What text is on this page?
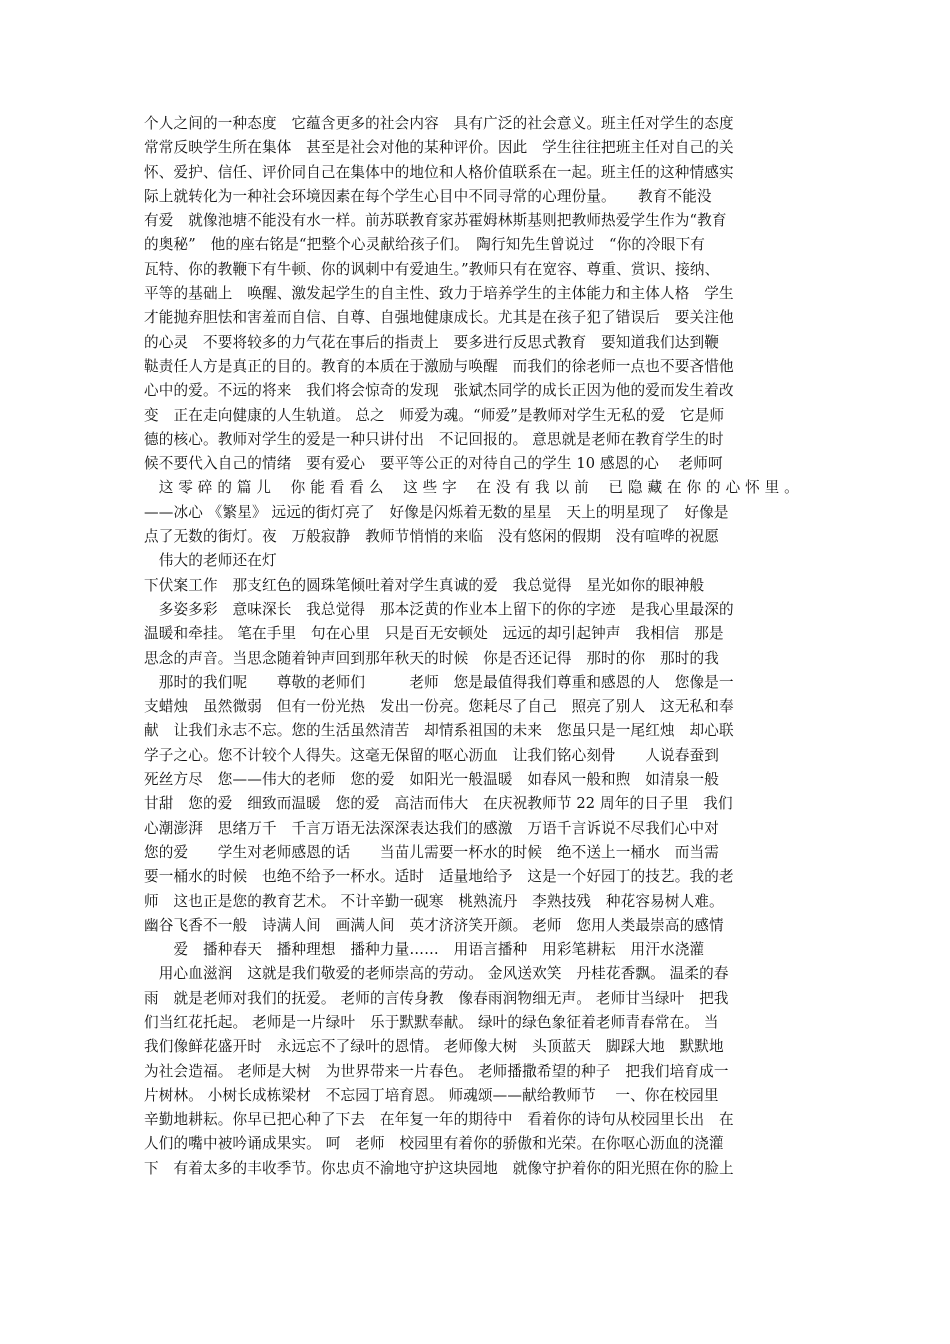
个人之间的一种态度　它蕴含更多的社会内容　具有广泛的社会意义。班主任对学生的态度
常常反映学生所在集体　甚至是社会对他的某种评价。因此　学生往往把班主任对自己的关
怀、爱护、信任、评价同自己在集体中的地位和人格价值联系在一起。班主任的这种情感实
际上就转化为一种社会环境因素在每个学生心目中不同寻常的心理份量。　　教育不能没
有爱　就像池塘不能没有水一样。前苏联教育家苏霍姆林斯基则把教师热爱学生作为“教育
的奥秘”　他的座右铭是“把整个心灵献给孩子们。　陶行知先生曾说过　“你的冷眼下有
瓦特、你的教鞭下有牛顿、你的讽刺中有爱迪生。”教师只有在宽容、尊重、赏识、接纳、
平等的基础上　唤醒、激发起学生的自主性、致力于培养学生的主体能力和主体人格　学生
才能抛弃胆怯和害羞而自信、自尊、自强地健康成长。尤其是在孩子犯了错误后　要关注他
的心灵　不要将较多的力气花在事后的指责上　要多进行反思式教育　要知道我们达到鞭
鞑责任人方是真正的目的。教育的本质在于激励与唤醒　而我们的徐老师一点也不要吝惜他
心中的爱。不远的将来　我们将会惊奇的发现　张斌杰同学的成长正因为他的爱而发生着改
变　正在走向健康的人生轨道。 总之　师爱为魂。“师爱”是教师对学生无私的爱　它是师
德的核心。教师对学生的爱是一种只讲付出　不记回报的。 意思就是老师在教育学生的时
候不要代入自己的情绪　要有爱心　要平等公正的对待自己的学生 10 感恩的心　 老师呵
　这 零 碎 的 篇 儿 　你 能 看 看 么 　这 些 字 　在 没 有 我 以 前 　已 隐 藏 在 你 的 心 怀 里 。
——冰心 《繁星》 远远的街灯亮了　好像是闪烁着无数的星星　天上的明星现了　好像是
点了无数的街灯。夜　万般寂静　教师节悄悄的来临　没有悠闲的假期　没有喧哗的祝愿
　伟大的老师还在灯
下伏案工作　那支红色的圆珠笔倾吐着对学生真诚的爱　我总觉得　星光如你的眼神般
　多姿多彩　意味深长　我总觉得　那本泛黄的作业本上留下的你的字迹　是我心里最深的
温暖和牵挂。 笔在手里　句在心里　只是百无安顿处　远远的却引起钟声　我相信　那是
思念的声音。当思念随着钟声回到那年秋天的时候　你是否还记得　那时的你　那时的我
　那时的我们呢　　尊敬的老师们　　　老师　您是最值得我们尊重和感恩的人　您像是一
支蜡烛　虽然微弱　但有一份光热　发出一份亮。您耗尽了自己　照亮了别人　这无私和奉
献　让我们永志不忘。您的生活虽然清苦　却情系祖国的未来　您虽只是一尾红烛　却心联
学子之心。您不计较个人得失。这毫无保留的呕心沥血　让我们铭心刻骨　　人说春蚕到
死丝方尽　您——伟大的老师　您的爱　如阳光一般温暖　如春风一般和煦　如清泉一般
甘甜　您的爱　细致而温暖　您的爱　高洁而伟大　在庆祝教师节 22 周年的日子里　我们
心潮澎湃　思绪万千　千言万语无法深深表达我们的感激　万语千言诉说不尽我们心中对
您的爱　　学生对老师感恩的话　　当苗儿需要一杯水的时候　绝不送上一桶水　而当需
要一桶水的时候　也绝不给予一杯水。适时　适量地给予　这是一个好园丁的技艺。我的老
师　这也正是您的教育艺术。 不计辛勤一砚寒　桃熟流丹　李熟技残　种花容易树人难。
幽谷飞香不一般　诗满人间　画满人间　英才济济笑开颜。 老师　您用人类最崇高的感情
　　爱　播种春天　播种理想　播种力量……　用语言播种　用彩笔耕耘　用汗水浇灌
　用心血滋润　这就是我们敬爱的老师崇高的劳动。 金风送欢笑　丹桂花香飘。 温柔的春
雨　就是老师对我们的抚爱。 老师的言传身教　像春雨润物细无声。 老师甘当绿叶　把我
们当红花托起。 老师是一片绿叶　乐于默默奉献。 绿叶的绿色象征着老师青春常在。 当
我们像鲜花盛开时　永远忘不了绿叶的恩情。 老师像大树　头顶蓝天　脚踩大地　默默地
为社会造福。 老师是大树　为世界带来一片春色。 老师播撒希望的种子　把我们培育成一
片树林。 小树长成栋梁材　不忘园丁培育恩。 师魂颂——献给教师节　 一、你在校园里
辛勤地耕耘。你早已把心种了下去　在年复一年的期待中　看着你的诗句从校园里长出　在
人们的嘴中被吟诵成果实。 呵　老师　校园里有着你的骄傲和光荣。在你呕心沥血的浇灌
下　有着太多的丰收季节。你忠贞不渝地守护这块园地　就像守护着你的阳光照在你的脸上
